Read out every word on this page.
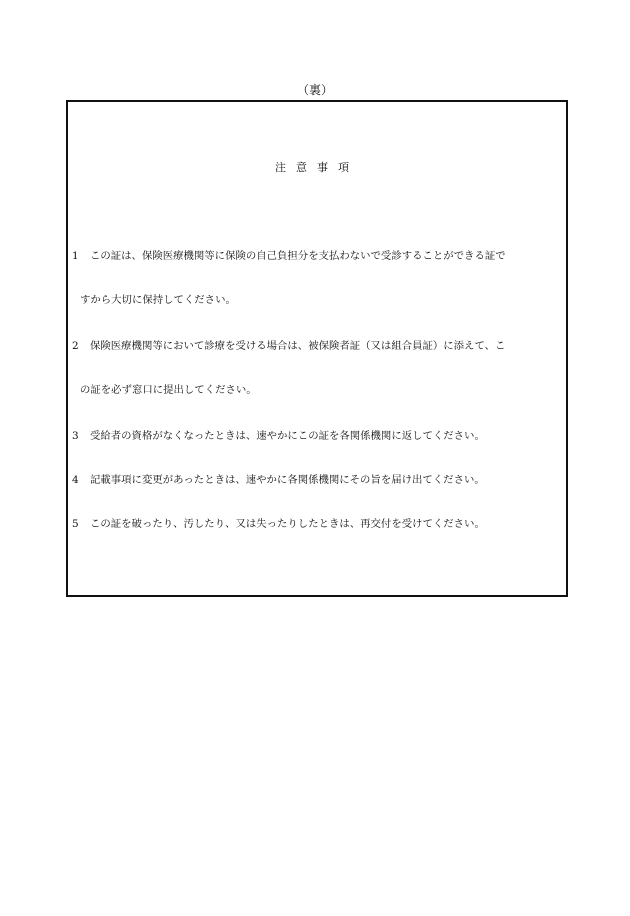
（裏）
注意事項
1 この証は、保険医療機関等に保険の自己負担分を支払わないで受診することができる証で
すから大切に保持してください。
2 保険医療機関等において診療を受ける場合は、被保険者証（又は組合員証）に添えて、こ
の証を必ず窓口に提出してください。
3 受給者の資格がなくなったときは、速やかにこの証を各関係機関に返してください。
4 記載事項に変更があったときは、速やかに各関係機関にその旨を届け出てください。
5 この証を破ったり、汚したり、又は失ったりしたときは、再交付を受けてください。
